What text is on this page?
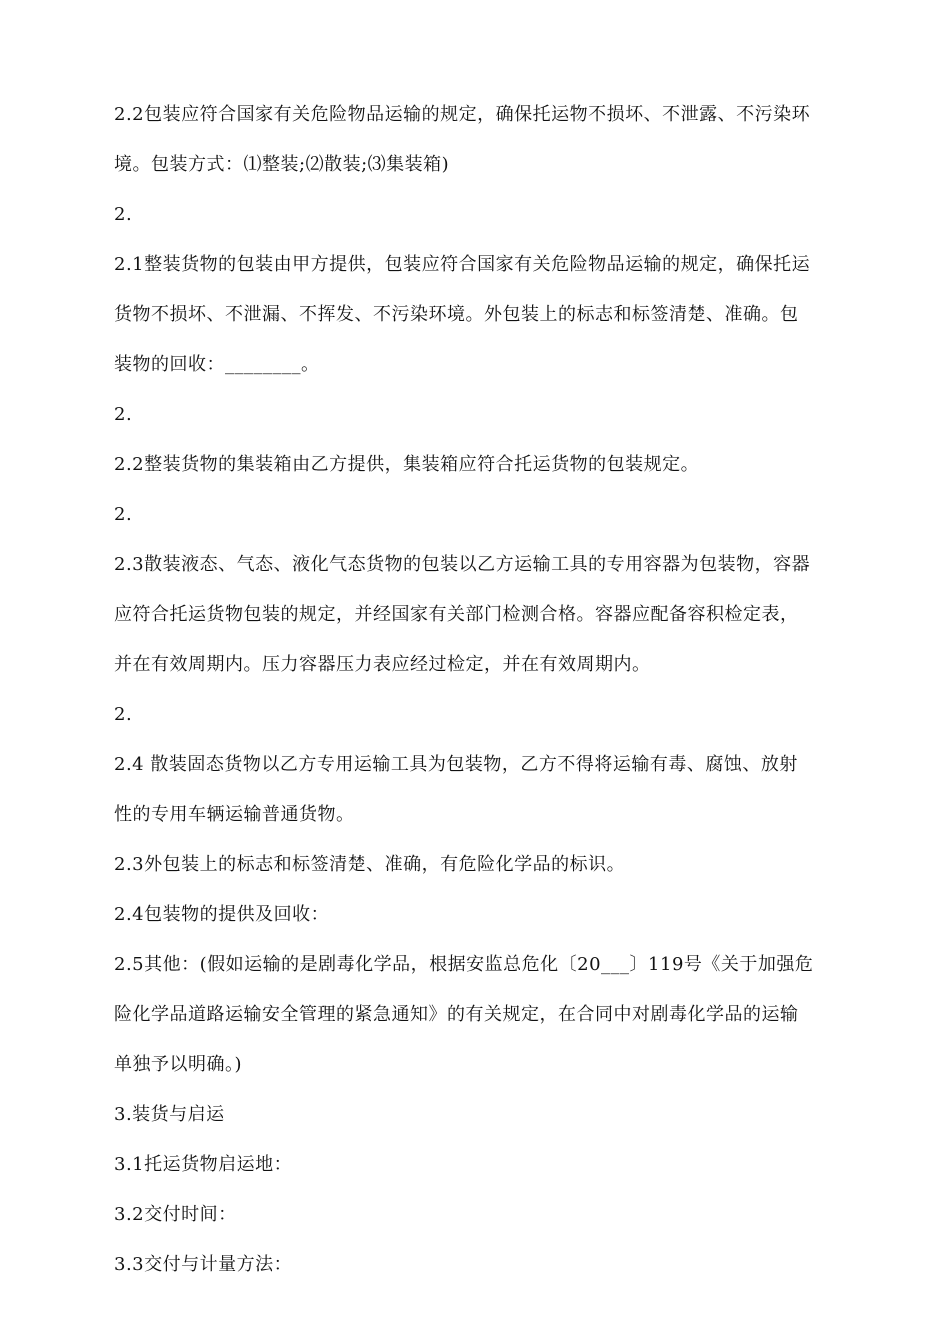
2.2包装应符合国家有关危险物品运输的规定，确保托运物不损坏、不泄露、不污染环

境。包装方式：⑴整装;⑵散装;⑶集装箱)

2.

2.1整装货物的包装由甲方提供，包装应符合国家有关危险物品运输的规定，确保托运

货物不损坏、不泄漏、不挥发、不污染环境。外包装上的标志和标签清楚、准确。包

装物的回收：________。

2.

2.2整装货物的集装箱由乙方提供，集装箱应符合托运货物的包装规定。

2.

2.3散装液态、气态、液化气态货物的包装以乙方运输工具的专用容器为包装物，容器

应符合托运货物包装的规定，并经国家有关部门检测合格。容器应配备容积检定表，

并在有效周期内。压力容器压力表应经过检定，并在有效周期内。

2.

2.4 散装固态货物以乙方专用运输工具为包装物，乙方不得将运输有毒、腐蚀、放射

性的专用车辆运输普通货物。

2.3外包装上的标志和标签清楚、准确，有危险化学品的标识。

2.4包装物的提供及回收：

2.5其他：(假如运输的是剧毒化学品，根据安监总危化〔20___〕119号《关于加强危

险化学品道路运输安全管理的紧急通知》的有关规定，在合同中对剧毒化学品的运输

单独予以明确。)

3.装货与启运

3.1托运货物启运地：

3.2交付时间：

3.3交付与计量方法：
